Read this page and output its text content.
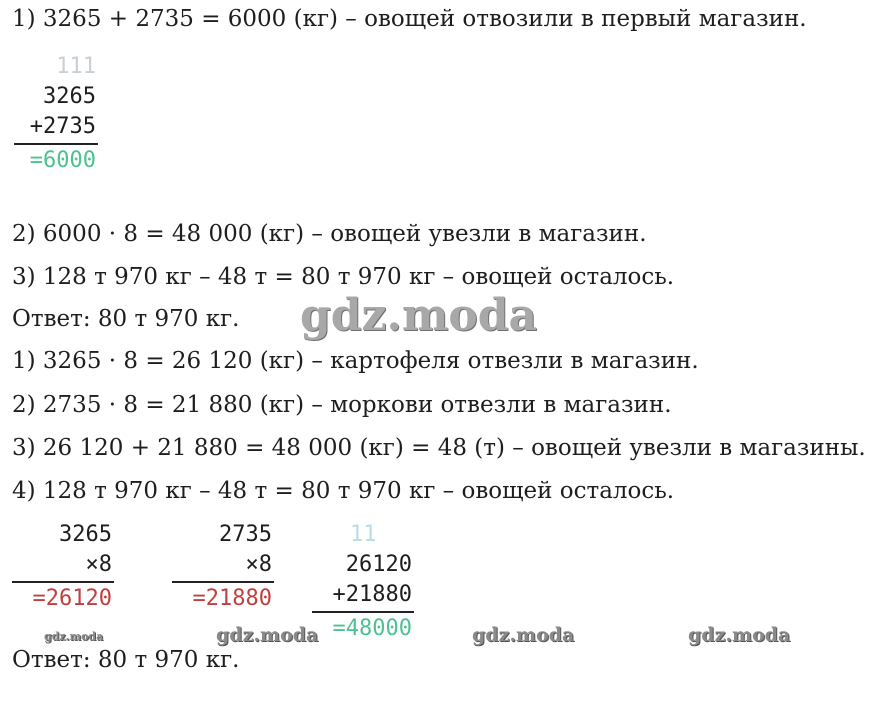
1) 3265 + 2735 = 6000 (кг) – овощей отвозили в первый магазин.
111
3265
+2735
=6000
2) 6000 · 8 = 48 000 (кг) – овощей увезли в магазин.
3) 128 т 970 кг – 48 т = 80 т 970 кг – овощей осталось.
Ответ: 80 т 970 кг. gdz.moda
1) 3265 · 8 = 26 120 (кг) – картофеля отвезли в магазин.
2) 2735 · 8 = 21 880 (кг) – моркови отвезли в магазин.
3) 26 120 + 21 880 = 48 000 (кг) = 48 (т) – овощей увезли в магазины.
4) 128 т 970 кг – 48 т = 80 т 970 кг – овощей осталось.
3265
×8
=26120
2735
×8
=21880
11
26120
+21880
=48000
gdz.moda	gdz.moda	gdz.moda	gdz.moda
Ответ: 80 т 970 кг.
